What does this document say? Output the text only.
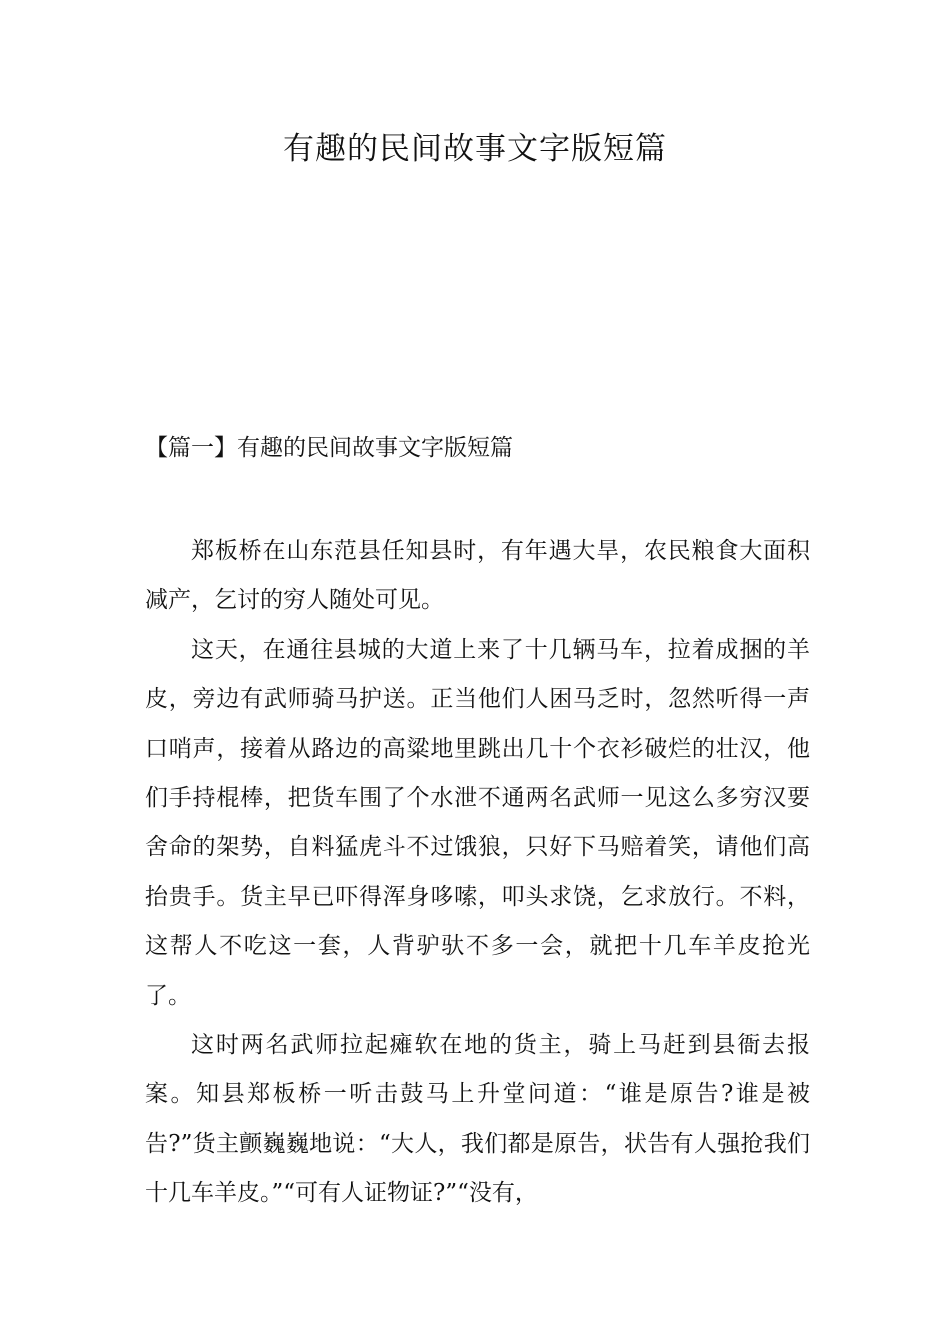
有趣的民间故事文字版短篇
【篇一】有趣的民间故事文字版短篇

郑板桥在山东范县任知县时，有年遇大旱，农民粮食大面积减产，乞讨的穷人随处可见。

这天，在通往县城的大道上来了十几辆马车，拉着成捆的羊皮，旁边有武师骑马护送。正当他们人困马乏时，忽然听得一声口哨声，接着从路边的高粱地里跳出几十个衣衫破烂的壮汉，他们手持棍棒，把货车围了个水泄不通两名武师一见这么多穷汉要舍命的架势，自料猛虎斗不过饿狼，只好下马赔着笑，请他们高抬贵手。货主早已吓得浑身哆嗦，叩头求饶，乞求放行。不料，这帮人不吃这一套，人背驴驮不多一会，就把十几车羊皮抢光了。

这时两名武师拉起瘫软在地的货主，骑上马赶到县衙去报案。知县郑板桥一听击鼓马上升堂问道：“谁是原告?谁是被告?”货主颤巍巍地说：“大人，我们都是原告，状告有人强抢我们十几车羊皮。”“可有人证物证?”“没有，
